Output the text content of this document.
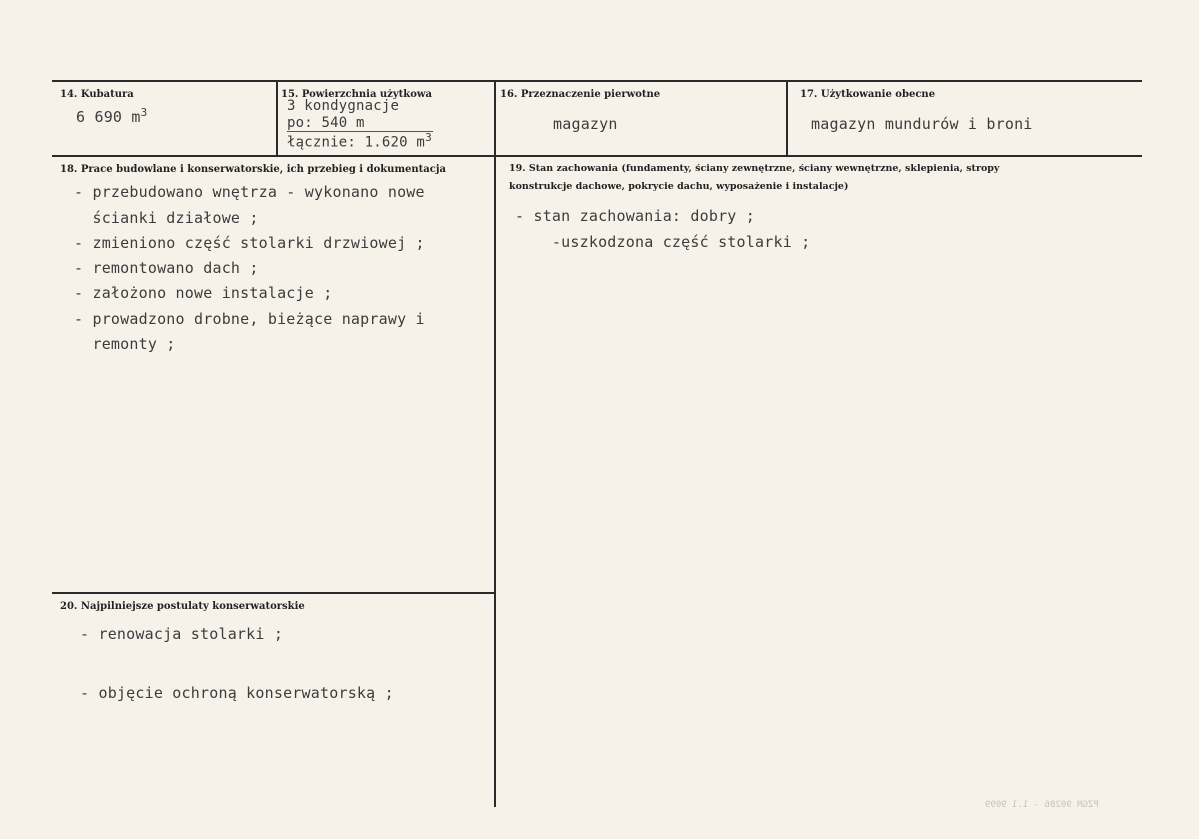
14. Kubatura
6 690 $m^3$
15. Powierzchnia użytkowa
3 kondygnacje
po: 540 m
łącznie: 1.620 $m^3$
16. Przeznaczenie pierwotne
magazyn
17. Użytkowanie obecne
magazyn mundurów i broni
18. Prace budowlane i konserwatorskie, ich przebieg i dokumentacja
- przebudowano wnętrza - wykonano nowe
ścianki działowe ;
- zmieniono część stolarki drzwiowej ;
- remontowano dach ;
- założono nowe instalacje ;
- prowadzono drobne, bieżące naprawy i
remonty ;
19. Stan zachowania (fundamenty, ściany zewnętrzne, ściany wewnętrzne, sklepienia, stropy
konstrukcje dachowe, pokrycie dachu, wyposażenie i instalacje)
- stan zachowania: dobry ;
-uszkodzona część stolarki ;
20. Najpilniejsze postulaty konserwatorskie
- renowacja stolarki ;
- objęcie ochroną konserwatorską ;
PZGM 90286 - 1.1 9099
